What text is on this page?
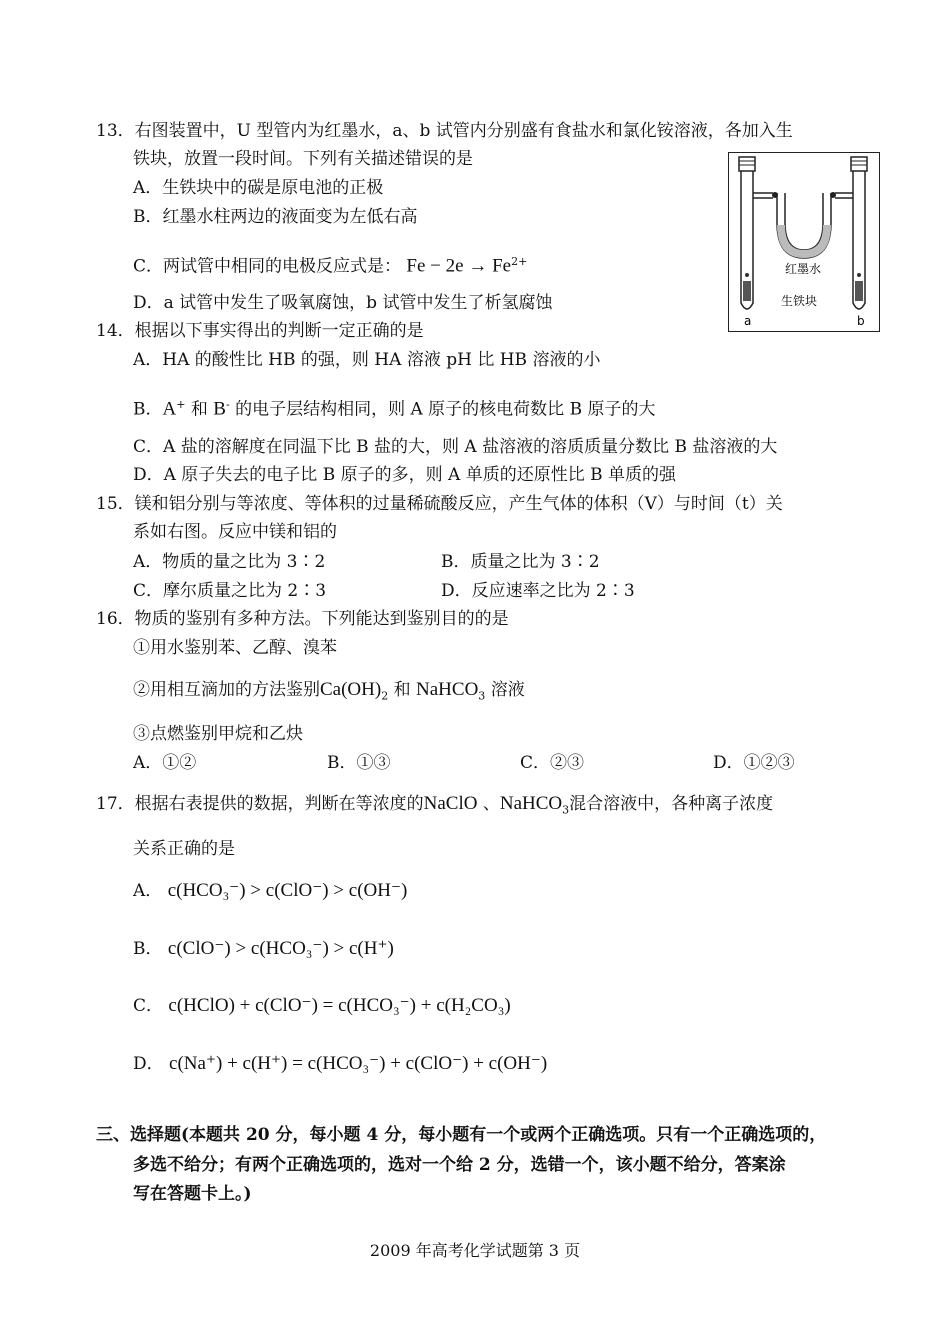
13．右图装置中，U 型管内为红墨水，a、b 试管内分别盛有食盐水和氯化铵溶液，各加入生
铁块，放置一段时间。下列有关描述错误的是
A．生铁块中的碳是原电池的正极
B．红墨水柱两边的液面变为左低右高
C．两试管中相同的电极反应式是： $Fe - 2e \to Fe^{2+}$
D．a 试管中发生了吸氧腐蚀，b 试管中发生了析氢腐蚀
红墨水
生铁块
a	b
14．根据以下事实得出的判断一定正确的是
A．HA 的酸性比 HB 的强，则 HA 溶液 pH 比 HB 溶液的小
B．A+ 和 B- 的电子层结构相同，则 A 原子的核电荷数比 B 原子的大
C．A 盐的溶解度在同温下比 B 盐的大，则 A 盐溶液的溶质质量分数比 B 盐溶液的大
D．A 原子失去的电子比 B 原子的多，则 A 单质的还原性比 B 单质的强
15．镁和铝分别与等浓度、等体积的过量稀硫酸反应，产生气体的体积（V）与时间（t）关
系如右图。反应中镁和铝的
A．物质的量之比为 3∶2	B．质量之比为 3∶2
C．摩尔质量之比为 2∶3	D．反应速率之比为 2∶3
16．物质的鉴别有多种方法。下列能达到鉴别目的的是
①用水鉴别苯、乙醇、溴苯
②用相互滴加的方法鉴别$Ca(OH)_2$ 和 NaHCO$_3$ 溶液
③点燃鉴别甲烷和乙炔
A．①②	B．①③	C．②③	D．①②③
17．根据右表提供的数据，判断在等浓度的NaClO 、NaHCO$_3$混合溶液中，各种离子浓度
关系正确的是
A． c(HCO₃⁻) > c(ClO⁻) > c(OH⁻)
B． c(ClO⁻) > c(HCO₃⁻) > c(H⁺)
C． c(HClO) + c(ClO⁻) = c(HCO₃⁻) + c(H₂CO₃)
D． c(Na⁺) + c(H⁺) = c(HCO₃⁻) + c(ClO⁻) + c(OH⁻)
三、选择题(本题共 20 分，每小题 4 分，每小题有一个或两个正确选项。只有一个正确选项的，
多选不给分；有两个正确选项的，选对一个给 2 分，选错一个，该小题不给分，答案涂
写在答题卡上。)
2009 年高考化学试题第 3 页
